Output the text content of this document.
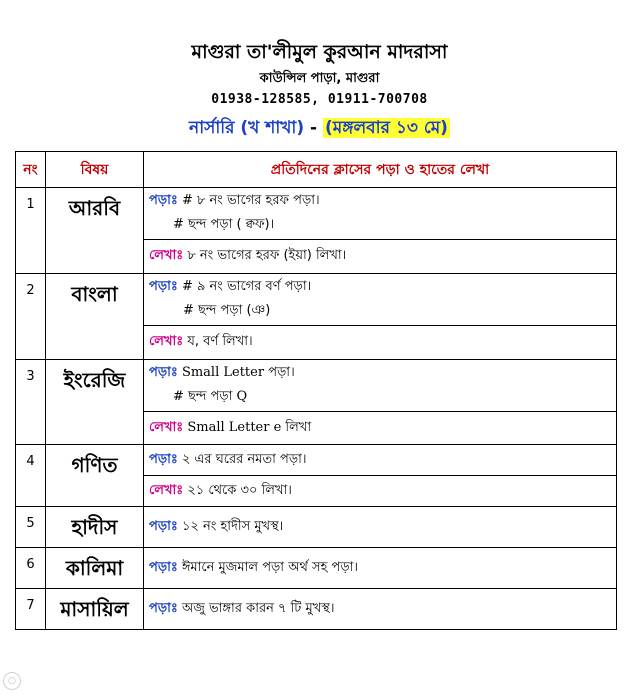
মাগুরা তা'লীমুল কুরআন মাদরাসা
কাউন্সিল পাড়া, মাগুরা
01938-128585, 01911-700708
নার্সারি (খ শাখা) - (মঙ্গলবার ১৩ মে)
নং	বিষয়	প্রতিদিনের ক্লাসের পড়া ও হাতের লেখা
1	আরবি	পড়াঃ # ৮ নং ভাগের হরফ পড়া।
# ছন্দ পড়া ( ক্বফ)।

		লেখাঃ ৮ নং ভাগের হরফ (ইয়া) লিখা।
2	বাংলা	পড়াঃ # ৯ নং ভাগের বর্ণ পড়া।
# ছন্দ পড়া (ঞ)

		লেখাঃ য, বর্ণ লিখা।
3	ইংরেজি	পড়াঃ Small Letter পড়া।
# ছন্দ পড়া Q

		লেখাঃ Small Letter e লিখা
4	গণিত	পড়াঃ ২ এর ঘরের নমতা পড়া।
		লেখাঃ ২১ থেকে ৩০ লিখা।
5	হাদীস	পড়াঃ ১২ নং হাদীস মুখস্থ।
6	কালিমা	পড়াঃ ঈমানে মুজমাল পড়া অর্থ সহ পড়া।
7	মাসায়িল	পড়াঃ অজু ভাঙ্গার কারন ৭ টি মুখস্থ।
○
